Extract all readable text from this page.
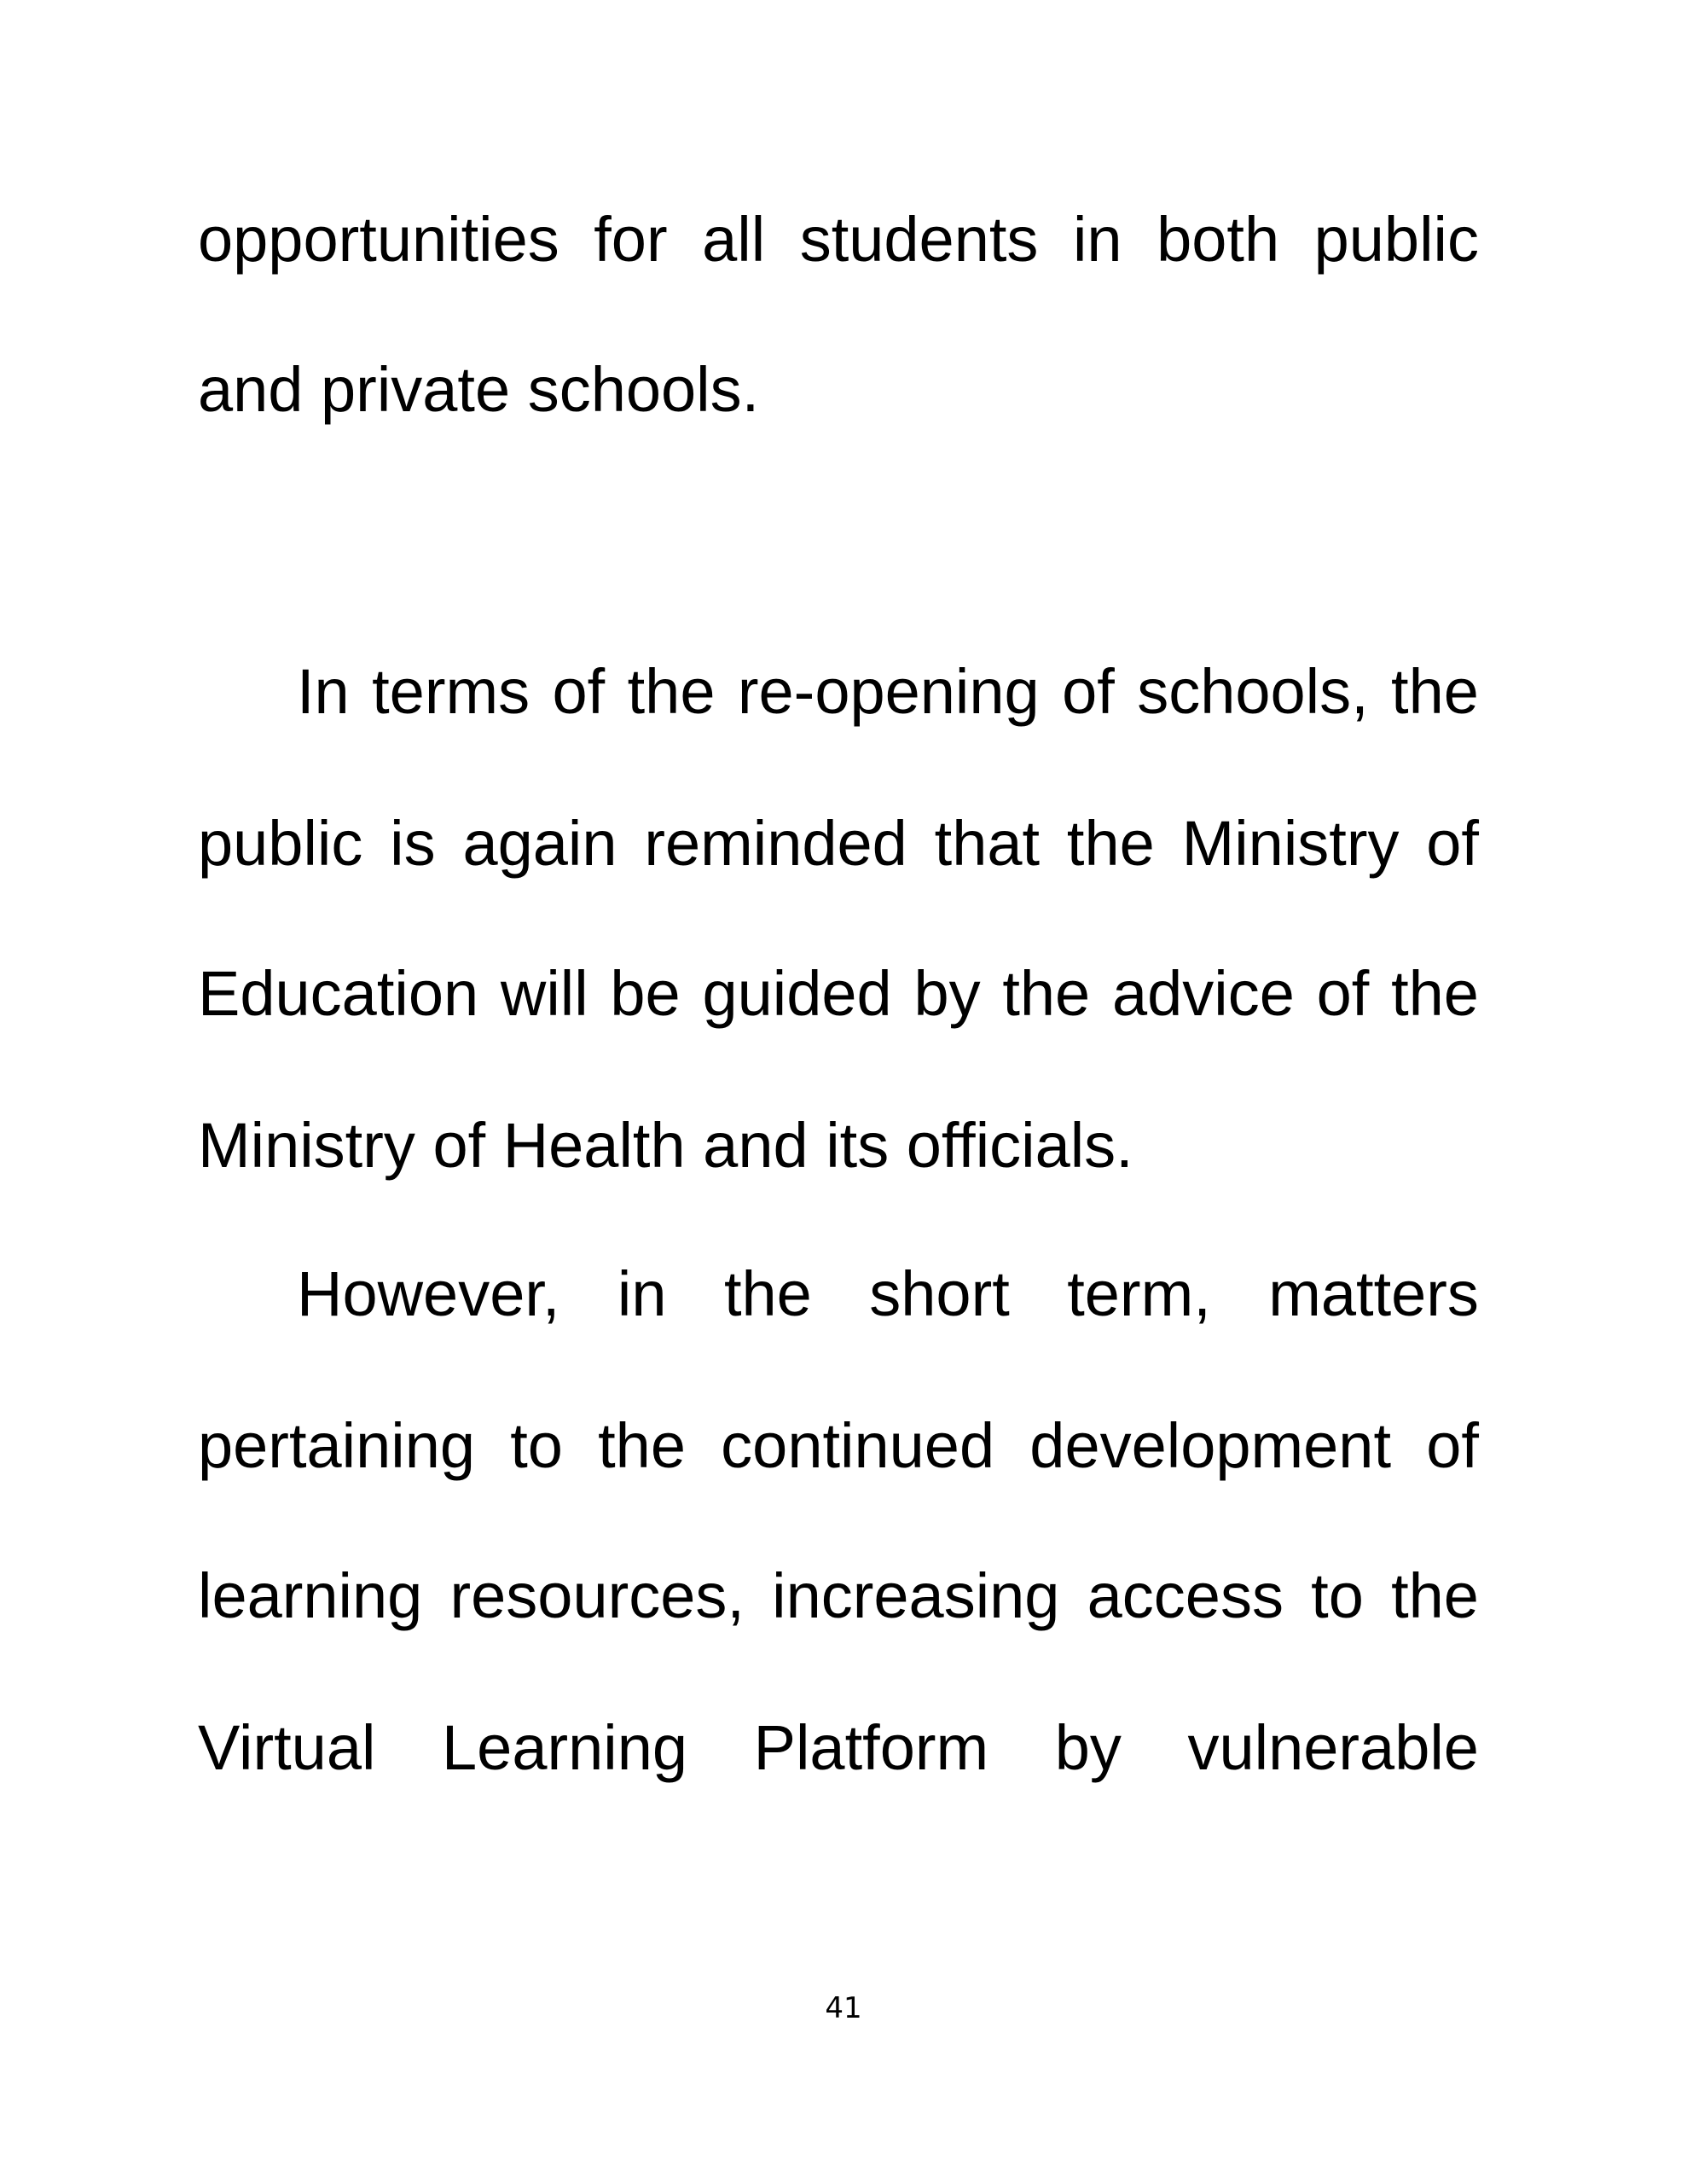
opportunities for all students in both public
and private schools.
In terms of the re-opening of schools, the
public is again reminded that the Ministry of
Education will be guided by the advice of the
Ministry of Health and its officials.
However, in the short term, matters
pertaining to the continued development of
learning resources, increasing access to the
Virtual Learning Platform by vulnerable
41
